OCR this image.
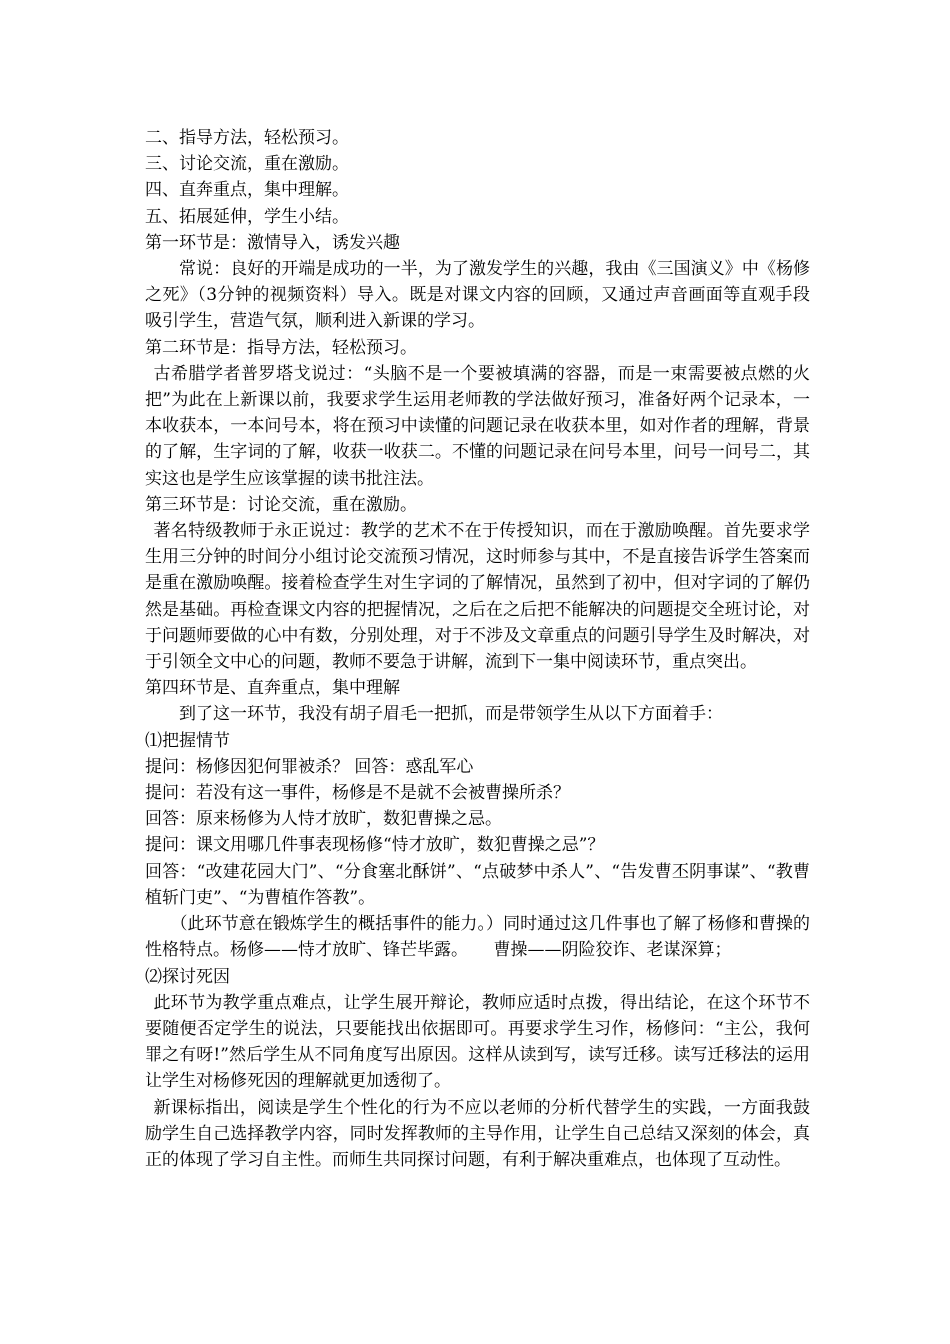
二、指导方法，轻松预习。

三、讨论交流，重在激励。

四、直奔重点，集中理解。

五、拓展延伸，学生小结。

第一环节是：激情导入，诱发兴趣

常说：良好的开端是成功的一半，为了激发学生的兴趣，我由《三国演义》中《杨修之死》（3分钟的视频资料）导入。既是对课文内容的回顾，又通过声音画面等直观手段吸引学生，营造气氛，顺利进入新课的学习。

第二环节是：指导方法，轻松预习。

古希腊学者普罗塔戈说过：“头脑不是一个要被填满的容器，而是一束需要被点燃的火把”为此在上新课以前，我要求学生运用老师教的学法做好预习，准备好两个记录本，一本收获本，一本问号本，将在预习中读懂的问题记录在收获本里，如对作者的理解，背景的了解，生字词的了解，收获一收获二。不懂的问题记录在问号本里，问号一问号二，其实这也是学生应该掌握的读书批注法。

第三环节是：讨论交流，重在激励。

著名特级教师于永正说过：教学的艺术不在于传授知识，而在于激励唤醒。首先要求学生用三分钟的时间分小组讨论交流预习情况，这时师参与其中，不是直接告诉学生答案而是重在激励唤醒。接着检查学生对生字词的了解情况，虽然到了初中，但对字词的了解仍然是基础。再检查课文内容的把握情况，之后在之后把不能解决的问题提交全班讨论，对于问题师要做的心中有数，分别处理，对于不涉及文章重点的问题引导学生及时解决，对于引领全文中心的问题，教师不要急于讲解，流到下一集中阅读环节，重点突出。

第四环节是、直奔重点，集中理解

到了这一环节，我没有胡子眉毛一把抓，而是带领学生从以下方面着手：

⑴把握情节

提问：杨修因犯何罪被杀？ 回答：惑乱军心

提问：若没有这一事件，杨修是不是就不会被曹操所杀？

回答：原来杨修为人恃才放旷，数犯曹操之忌。

提问：课文用哪几件事表现杨修“恃才放旷，数犯曹操之忌”？

回答：“改建花园大门”、“分食塞北酥饼”、“点破梦中杀人”、“告发曹丕阴事谋”、“教曹植斩门吏”、“为曹植作答教”。

（此环节意在锻炼学生的概括事件的能力。）同时通过这几件事也了解了杨修和曹操的性格特点。杨修——恃才放旷、锋芒毕露。　　曹操——阴险狡诈、老谋深算；

⑵探讨死因

此环节为教学重点难点，让学生展开辩论，教师应适时点拨，得出结论，在这个环节不要随便否定学生的说法，只要能找出依据即可。再要求学生习作，杨修问：“主公，我何罪之有呀!”然后学生从不同角度写出原因。这样从读到写，读写迁移。读写迁移法的运用让学生对杨修死因的理解就更加透彻了。

新课标指出，阅读是学生个性化的行为不应以老师的分析代替学生的实践，一方面我鼓励学生自己选择教学内容，同时发挥教师的主导作用，让学生自己总结又深刻的体会，真正的体现了学习自主性。而师生共同探讨问题，有利于解决重难点，也体现了互动性。
